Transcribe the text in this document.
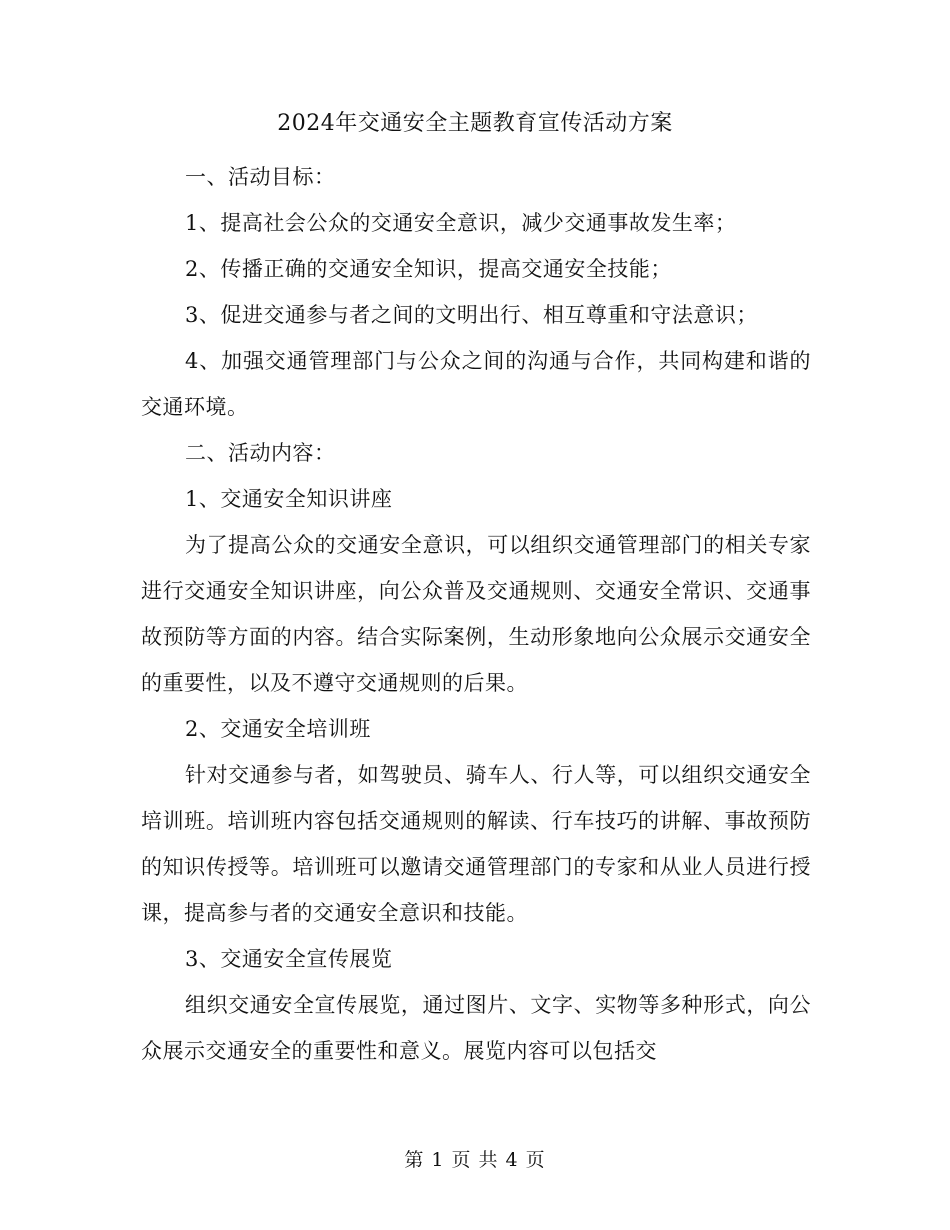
2024年交通安全主题教育宣传活动方案

一、活动目标：

1、提高社会公众的交通安全意识，减少交通事故发生率；

2、传播正确的交通安全知识，提高交通安全技能；

3、促进交通参与者之间的文明出行、相互尊重和守法意识；

4、加强交通管理部门与公众之间的沟通与合作，共同构建和谐的交通环境。

二、活动内容：

1、交通安全知识讲座

为了提高公众的交通安全意识，可以组织交通管理部门的相关专家进行交通安全知识讲座，向公众普及交通规则、交通安全常识、交通事故预防等方面的内容。结合实际案例，生动形象地向公众展示交通安全的重要性，以及不遵守交通规则的后果。

2、交通安全培训班

针对交通参与者，如驾驶员、骑车人、行人等，可以组织交通安全培训班。培训班内容包括交通规则的解读、行车技巧的讲解、事故预防的知识传授等。培训班可以邀请交通管理部门的专家和从业人员进行授课，提高参与者的交通安全意识和技能。

3、交通安全宣传展览

组织交通安全宣传展览，通过图片、文字、实物等多种形式，向公众展示交通安全的重要性和意义。展览内容可以包括交

第 1 页 共 4 页
